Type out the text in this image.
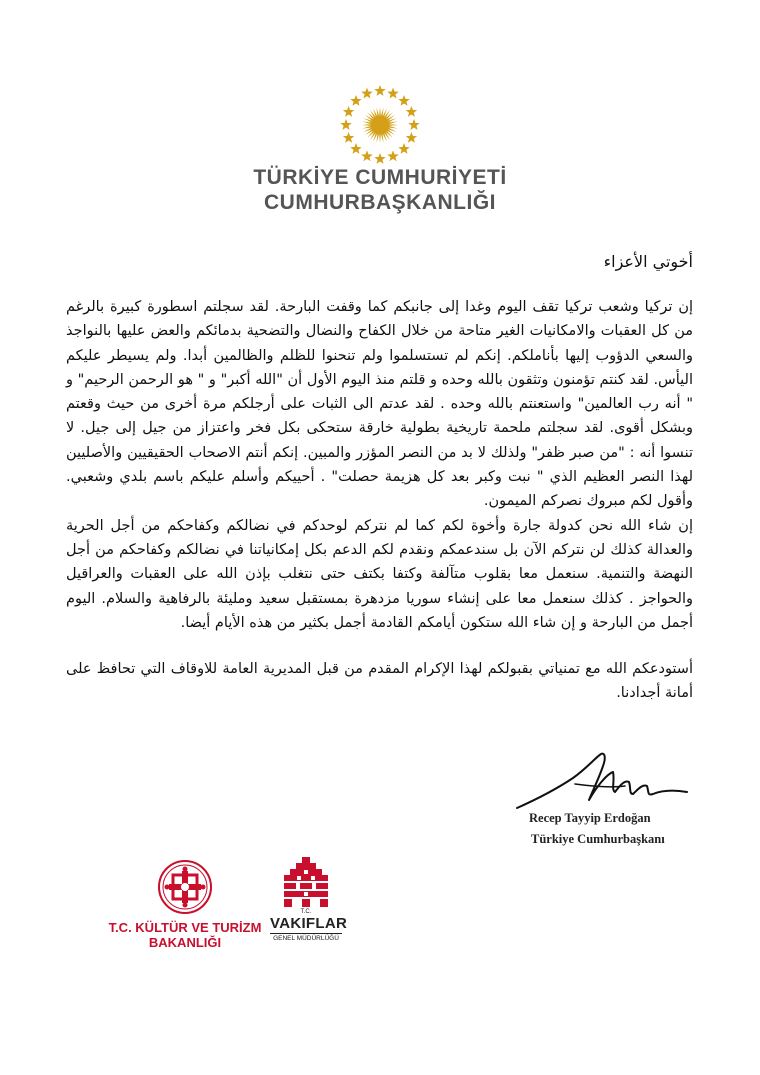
TÜRKİYE CUMHURİYETİ
CUMHURBAŞKANLIĞI
أخوتي الأعزاء

إن تركيا وشعب تركيا تقف اليوم وغدا إلى جانبكم كما وقفت البارحة. لقد سجلتم اسطورة كبيرة بالرغم من كل العقبات والامكانيات الغير متاحة من خلال الكفاح والنضال والتضحية بدمائكم والعض عليها بالنواجذ والسعي الدؤوب إليها بأناملكم. إنكم لم تستسلموا ولم تنحنوا للظلم والظالمين أبدا. ولم يسيطر عليكم اليأس. لقد كنتم تؤمنون وتثقون بالله وحده و قلتم منذ اليوم الأول أن "الله أكبر" و " هو الرحمن الرحيم" و " أنه رب العالمين" واستعنتم بالله وحده . لقد عدتم الى الثبات على أرجلكم مرة أخرى من حيث وقعتم وبشكل أقوى. لقد سجلتم ملحمة تاريخية بطولية خارقة ستحكى بكل فخر واعتزاز من جيل إلى جيل. لا تنسوا أنه : "من صبر ظفر" ولذلك لا بد من النصر المؤزر والمبين. إنكم أنتم الاصحاب الحقيقيين والأصليين لهذا النصر العظيم الذي " نبت وكبر بعد كل هزيمة حصلت" . أحييكم وأسلم عليكم باسم بلدي وشعبي. وأقول لكم مبروك نصركم الميمون.

إن شاء الله نحن كدولة جارة وأخوة لكم كما لم نتركم لوحدكم في نضالكم وكفاحكم من أجل الحرية والعدالة كذلك لن نتركم الآن بل سندعمكم ونقدم لكم الدعم بكل إمكانياتنا في نضالكم وكفاحكم من أجل النهضة والتنمية. سنعمل معا بقلوب متآلفة وكتفا بكتف حتى نتغلب بإذن الله على العقبات والعراقيل والحواجز . كذلك سنعمل معا على إنشاء سوريا مزدهرة بمستقبل سعيد ومليئة بالرفاهية والسلام. اليوم أجمل من البارحة و إن شاء الله ستكون أيامكم القادمة أجمل بكثير من هذه الأيام أيضا.

أستودعكم الله مع تمنياتي بقبولكم لهذا الإكرام المقدم من قبل المديرية العامة للاوقاف التي تحافظ على أمانة أجدادنا.

Recep Tayyip Erdoğan
Türkiye Cumhurbaşkanı
T.C. KÜLTÜR VE TURİZM
BAKANLIĞI
T.C.
VAKIFLAR
GENEL MÜDÜRLÜĞÜ
